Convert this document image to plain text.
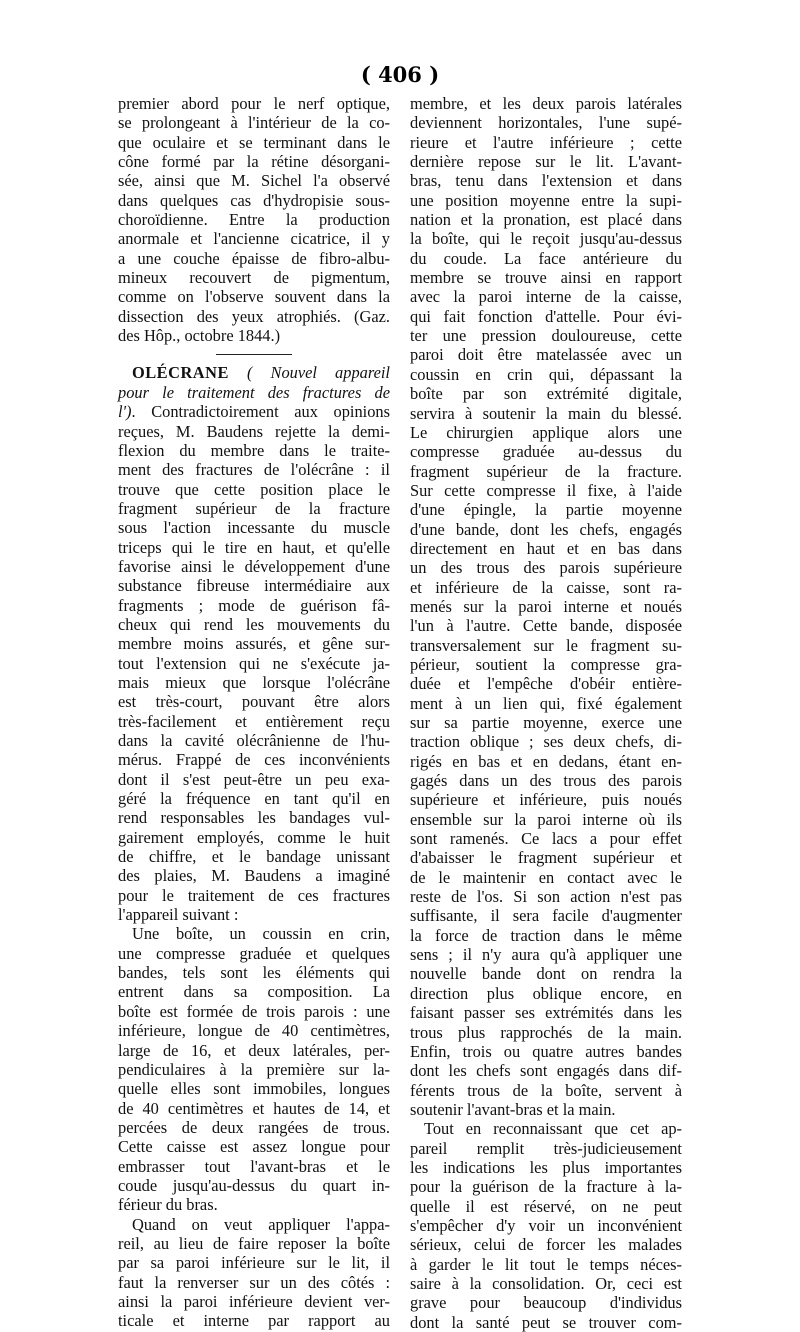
( 406 )
premier abord pour le nerf optique,
se prolongeant à l'intérieur de la co-
que oculaire et se terminant dans le
cône formé par la rétine désorgani-
sée, ainsi que M. Sichel l'a observé
dans quelques cas d'hydropisie sous-
choroïdienne. Entre la production
anormale et l'ancienne cicatrice, il y
a une couche épaisse de fibro-albu-
mineux recouvert de pigmentum,
comme on l'observe souvent dans la
dissection des yeux atrophiés. (Gaz.
des Hôp., octobre 1844.)
OLÉCRANE ( Nouvel appareil
pour le traitement des fractures de
l'). Contradictoirement aux opinions
reçues, M. Baudens rejette la demi-
flexion du membre dans le traite-
ment des fractures de l'olécrâne : il
trouve que cette position place le
fragment supérieur de la fracture
sous l'action incessante du muscle
triceps qui le tire en haut, et qu'elle
favorise ainsi le développement d'une
substance fibreuse intermédiaire aux
fragments ; mode de guérison fâ-
cheux qui rend les mouvements du
membre moins assurés, et gêne sur-
tout l'extension qui ne s'exécute ja-
mais mieux que lorsque l'olécrâne
est très-court, pouvant être alors
très-facilement et entièrement reçu
dans la cavité olécrânienne de l'hu-
mérus. Frappé de ces inconvénients
dont il s'est peut-être un peu exa-
géré la fréquence en tant qu'il en
rend responsables les bandages vul-
gairement employés, comme le huit
de chiffre, et le bandage unissant
des plaies, M. Baudens a imaginé
pour le traitement de ces fractures
l'appareil suivant :
Une boîte, un coussin en crin,
une compresse graduée et quelques
bandes, tels sont les éléments qui
entrent dans sa composition. La
boîte est formée de trois parois : une
inférieure, longue de 40 centimètres,
large de 16, et deux latérales, per-
pendiculaires à la première sur la-
quelle elles sont immobiles, longues
de 40 centimètres et hautes de 14, et
percées de deux rangées de trous.
Cette caisse est assez longue pour
embrasser tout l'avant-bras et le
coude jusqu'au-dessus du quart in-
férieur du bras.
Quand on veut appliquer l'appa-
reil, au lieu de faire reposer la boîte
par sa paroi inférieure sur le lit, il
faut la renverser sur un des côtés :
ainsi la paroi inférieure devient ver-
ticale et interne par rapport au
membre, et les deux parois latérales
deviennent horizontales, l'une supé-
rieure et l'autre inférieure ; cette
dernière repose sur le lit. L'avant-
bras, tenu dans l'extension et dans
une position moyenne entre la supi-
nation et la pronation, est placé dans
la boîte, qui le reçoit jusqu'au-dessus
du coude. La face antérieure du
membre se trouve ainsi en rapport
avec la paroi interne de la caisse,
qui fait fonction d'attelle. Pour évi-
ter une pression douloureuse, cette
paroi doit être matelassée avec un
coussin en crin qui, dépassant la
boîte par son extrémité digitale,
servira à soutenir la main du blessé.
Le chirurgien applique alors une
compresse graduée au-dessus du
fragment supérieur de la fracture.
Sur cette compresse il fixe, à l'aide
d'une épingle, la partie moyenne
d'une bande, dont les chefs, engagés
directement en haut et en bas dans
un des trous des parois supérieure
et inférieure de la caisse, sont ra-
menés sur la paroi interne et noués
l'un à l'autre. Cette bande, disposée
transversalement sur le fragment su-
périeur, soutient la compresse gra-
duée et l'empêche d'obéir entière-
ment à un lien qui, fixé également
sur sa partie moyenne, exerce une
traction oblique ; ses deux chefs, di-
rigés en bas et en dedans, étant en-
gagés dans un des trous des parois
supérieure et inférieure, puis noués
ensemble sur la paroi interne où ils
sont ramenés. Ce lacs a pour effet
d'abaisser le fragment supérieur et
de le maintenir en contact avec le
reste de l'os. Si son action n'est pas
suffisante, il sera facile d'augmenter
la force de traction dans le même
sens ; il n'y aura qu'à appliquer une
nouvelle bande dont on rendra la
direction plus oblique encore, en
faisant passer ses extrémités dans les
trous plus rapprochés de la main.
Enfin, trois ou quatre autres bandes
dont les chefs sont engagés dans dif-
férents trous de la boîte, servent à
soutenir l'avant-bras et la main.
Tout en reconnaissant que cet ap-
pareil remplit très-judicieusement
les indications les plus importantes
pour la guérison de la fracture à la-
quelle il est réservé, on ne peut
s'empêcher d'y voir un inconvénient
sérieux, celui de forcer les malades
à garder le lit tout le temps néces-
saire à la consolidation. Or, ceci est
grave pour beaucoup d'individus
dont la santé peut se trouver com-
